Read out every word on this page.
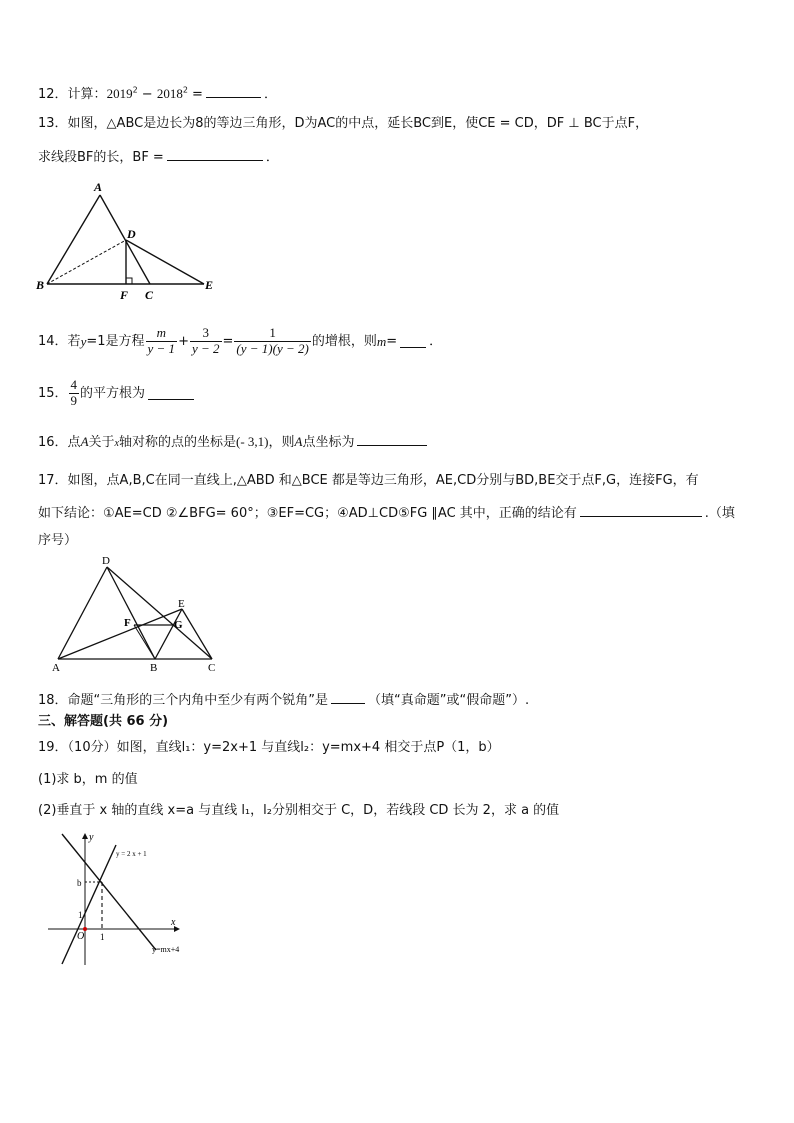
12．计算：$2019^2 - 2018^2$ =	．
13．如图，△ABC是边长为8的等边三角形，D为AC的中点，延长BC到E，使CE = CD，DF ⊥ BC于点F，
求线段BF的长，BF =	．
A
D
B
F C
E
14． 若 y =1是方程 $\frac{m}{y - 1} + \frac{3}{y - 2} = \frac{1}{(y - 1)(y - 2)}$ 的增根，则 m = ．
15． $\frac{4}{9}$ 的平方根为
16．点A关于x轴对称的点的坐标是(- 3,1)，则A点坐标为
17．如图，点A,B,C在同一直线上,△ABD 和△BCE 都是等边三角形，AE,CD分别与BD,BE交于点F,G，连接FG，有
如下结论：①AE=CD ②∠BFG= 60°；③EF=CG；④AD⊥CD⑤FG ∥AC 其中，正确的结论有	.（填
序号）
D
E
F	G
A	B	C
18．命题“三角形的三个内角中至少有两个锐角”是	（填“真命题”或“假命题”）.
三、解答题(共 66 分)
19．（10分）如图，直线l₁：y=2x+1 与直线l₂：y=mx+4 相交于点P（1，b）
(1)求 b，m 的值
(2)垂直于 x 轴的直线 x=a 与直线 l₁，l₂分别相交于 C，D，若线段 CD 长为 2，求 a 的值
y
x
O
b
1
1
y = 2 x + 1
y=mx+4
